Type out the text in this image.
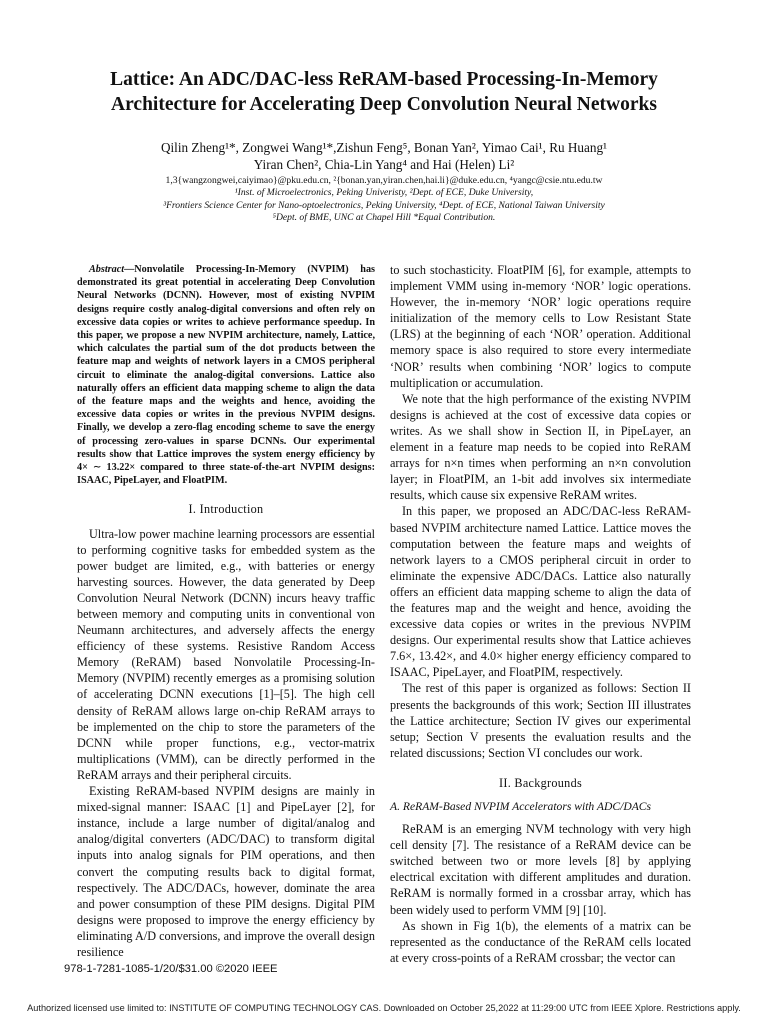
Lattice: An ADC/DAC-less ReRAM-based Processing-In-Memory
Architecture for Accelerating Deep Convolution Neural Networks
Qilin Zheng¹*, Zongwei Wang¹*,Zishun Feng⁵, Bonan Yan², Yimao Cai¹, Ru Huang¹
Yiran Chen², Chia-Lin Yang⁴ and Hai (Helen) Li²
1,3{wangzongwei,caiyimao}@pku.edu.cn, ²{bonan.yan,yiran.chen,hai.li}@duke.edu.cn, ⁴yangc@csie.ntu.edu.tw
¹Inst. of Microelectronics, Peking Univeristy, ²Dept. of ECE, Duke University,
³Frontiers Science Center for Nano-optoelectronics, Peking University, ⁴Dept. of ECE, National Taiwan University
⁵Dept. of BME, UNC at Chapel Hill *Equal Contribution.

Abstract—Nonvolatile Processing-In-Memory (NVPIM) has demonstrated its great potential in accelerating Deep Convolution Neural Networks (DCNN). However, most of existing NVPIM designs require costly analog-digital conversions and often rely on excessive data copies or writes to achieve performance speedup. In this paper, we propose a new NVPIM architecture, namely, Lattice, which calculates the partial sum of the dot products between the feature map and weights of network layers in a CMOS peripheral circuit to eliminate the analog-digital conversions. Lattice also naturally offers an efficient data mapping scheme to align the data of the feature maps and the weights and hence, avoiding the excessive data copies or writes in the previous NVPIM designs. Finally, we develop a zero-flag encoding scheme to save the energy of processing zero-values in sparse DCNNs. Our experimental results show that Lattice improves the system energy efficiency by 4× ∼ 13.22× compared to three state-of-the-art NVPIM designs: ISAAC, PipeLayer, and FloatPIM.

I. Introduction

Ultra-low power machine learning processors are essential to performing cognitive tasks for embedded system as the power budget are limited, e.g., with batteries or energy harvesting sources. However, the data generated by Deep Convolution Neural Network (DCNN) incurs heavy traffic between memory and computing units in conventional von Neumann architectures, and adversely affects the energy efficiency of these systems. Resistive Random Access Memory (ReRAM) based Nonvolatile Processing-In-Memory (NVPIM) recently emerges as a promising solution of accelerating DCNN executions [1]–[5]. The high cell density of ReRAM allows large on-chip ReRAM arrays to be implemented on the chip to store the parameters of the DCNN while proper functions, e.g., vector-matrix multiplications (VMM), can be directly performed in the ReRAM arrays and their peripheral circuits.

Existing ReRAM-based NVPIM designs are mainly in mixed-signal manner: ISAAC [1] and PipeLayer [2], for instance, include a large number of digital/analog and analog/digital converters (ADC/DAC) to transform digital inputs into analog signals for PIM operations, and then convert the computing results back to digital format, respectively. The ADC/DACs, however, dominate the area and power consumption of these PIM designs. Digital PIM designs were proposed to improve the energy efficiency by eliminating A/D conversions, and improve the overall design resilience

to such stochasticity. FloatPIM [6], for example, attempts to implement VMM using in-memory ‘NOR’ logic operations. However, the in-memory ‘NOR’ logic operations require initialization of the memory cells to Low Resistant State (LRS) at the beginning of each ‘NOR’ operation. Additional memory space is also required to store every intermediate ‘NOR’ results when combining ‘NOR’ logics to compute multiplication or accumulation.

We note that the high performance of the existing NVPIM designs is achieved at the cost of excessive data copies or writes. As we shall show in Section II, in PipeLayer, an element in a feature map needs to be copied into ReRAM arrays for n×n times when performing an n×n convolution layer; in FloatPIM, an 1-bit add involves six intermediate results, which cause six expensive ReRAM writes.

In this paper, we proposed an ADC/DAC-less ReRAM-based NVPIM architecture named Lattice. Lattice moves the computation between the feature maps and weights of network layers to a CMOS peripheral circuit in order to eliminate the expensive ADC/DACs. Lattice also naturally offers an efficient data mapping scheme to align the data of the features map and the weight and hence, avoiding the excessive data copies or writes in the previous NVPIM designs. Our experimental results show that Lattice achieves 7.6×, 13.42×, and 4.0× higher energy efficiency compared to ISAAC, PipeLayer, and FloatPIM, respectively.

The rest of this paper is organized as follows: Section II presents the backgrounds of this work; Section III illustrates the Lattice architecture; Section IV gives our experimental setup; Section V presents the evaluation results and the related discussions; Section VI concludes our work.

II. Backgrounds
A. ReRAM-Based NVPIM Accelerators with ADC/DACs

ReRAM is an emerging NVM technology with very high cell density [7]. The resistance of a ReRAM device can be switched between two or more levels [8] by applying electrical excitation with different amplitudes and duration. ReRAM is normally formed in a crossbar array, which has been widely used to perform VMM [9] [10].

As shown in Fig 1(b), the elements of a matrix can be represented as the conductance of the ReRAM cells located at every cross-points of a ReRAM crossbar; the vector can

978-1-7281-1085-1/20/$31.00 ©2020 IEEE
Authorized licensed use limited to: INSTITUTE OF COMPUTING TECHNOLOGY CAS. Downloaded on October 25,2022 at 11:29:00 UTC from IEEE Xplore. Restrictions apply.
